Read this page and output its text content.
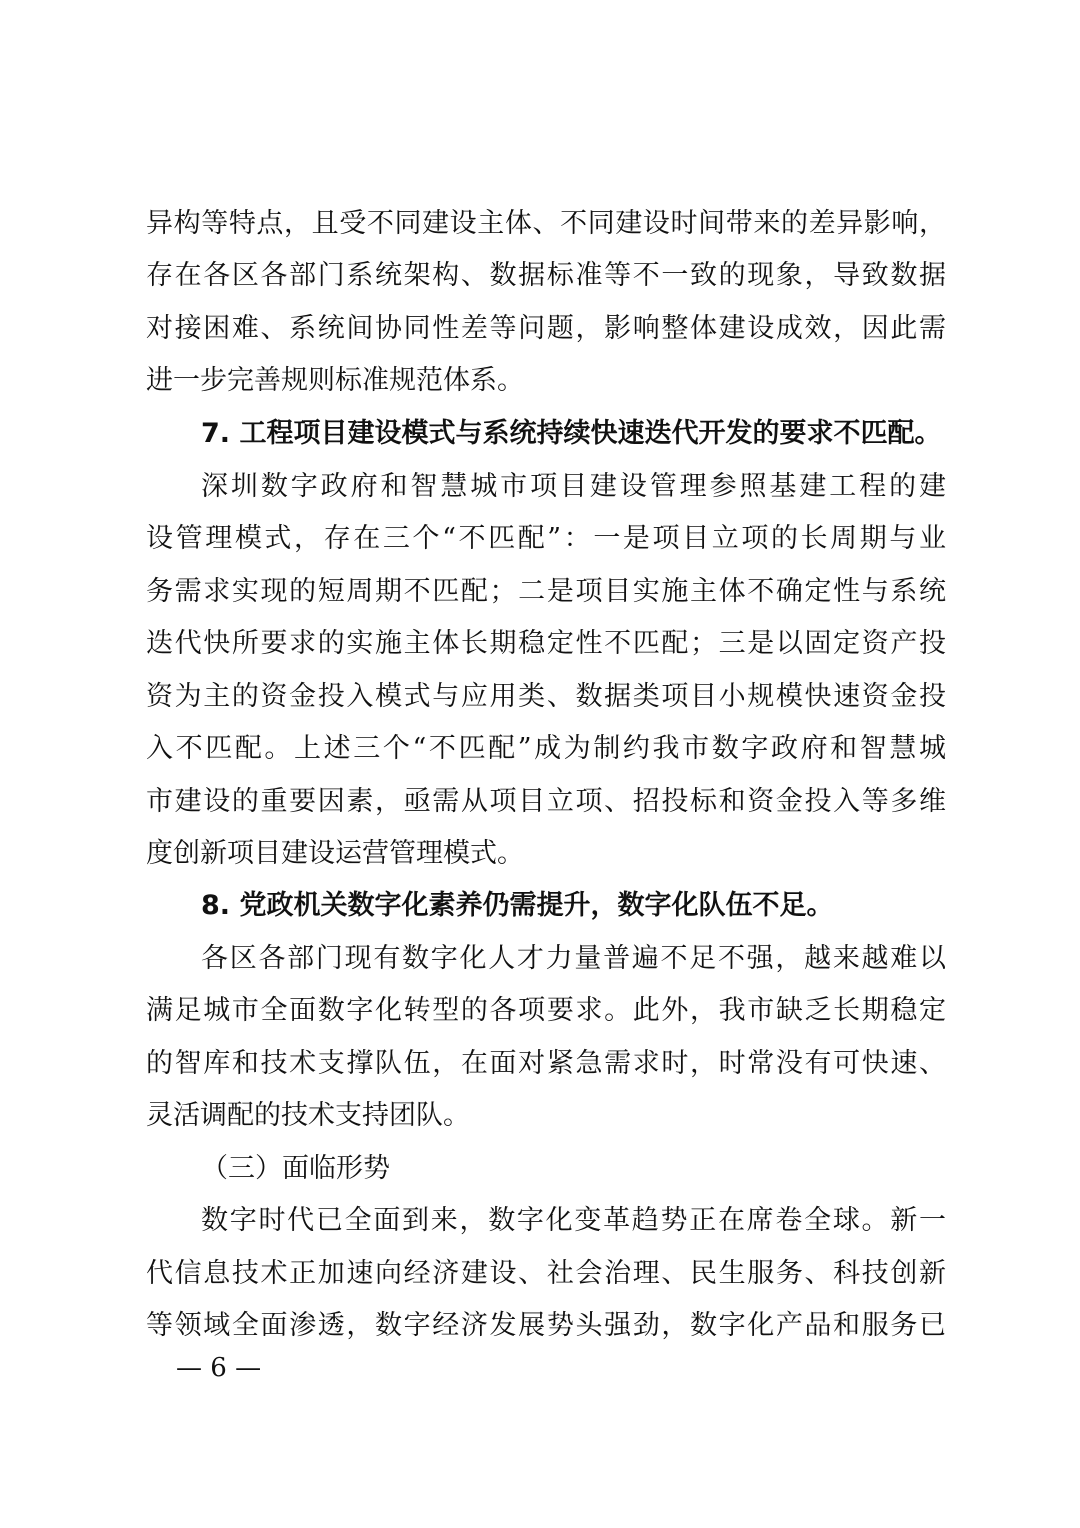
异构等特点，且受不同建设主体、不同建设时间带来的差异影响，
存在各区各部门系统架构、数据标准等不一致的现象，导致数据
对接困难、系统间协同性差等问题，影响整体建设成效，因此需
进一步完善规则标准规范体系。
7. 工程项目建设模式与系统持续快速迭代开发的要求不匹配。
深圳数字政府和智慧城市项目建设管理参照基建工程的建
设管理模式，存在三个“不匹配”：一是项目立项的长周期与业
务需求实现的短周期不匹配；二是项目实施主体不确定性与系统
迭代快所要求的实施主体长期稳定性不匹配；三是以固定资产投
资为主的资金投入模式与应用类、数据类项目小规模快速资金投
入不匹配。上述三个“不匹配”成为制约我市数字政府和智慧城
市建设的重要因素，亟需从项目立项、招投标和资金投入等多维
度创新项目建设运营管理模式。
8. 党政机关数字化素养仍需提升，数字化队伍不足。
各区各部门现有数字化人才力量普遍不足不强，越来越难以
满足城市全面数字化转型的各项要求。此外，我市缺乏长期稳定
的智库和技术支撑队伍，在面对紧急需求时，时常没有可快速、
灵活调配的技术支持团队。
（三）面临形势
数字时代已全面到来，数字化变革趋势正在席卷全球。新一
代信息技术正加速向经济建设、社会治理、民生服务、科技创新
等领域全面渗透，数字经济发展势头强劲，数字化产品和服务已
— 6 —
